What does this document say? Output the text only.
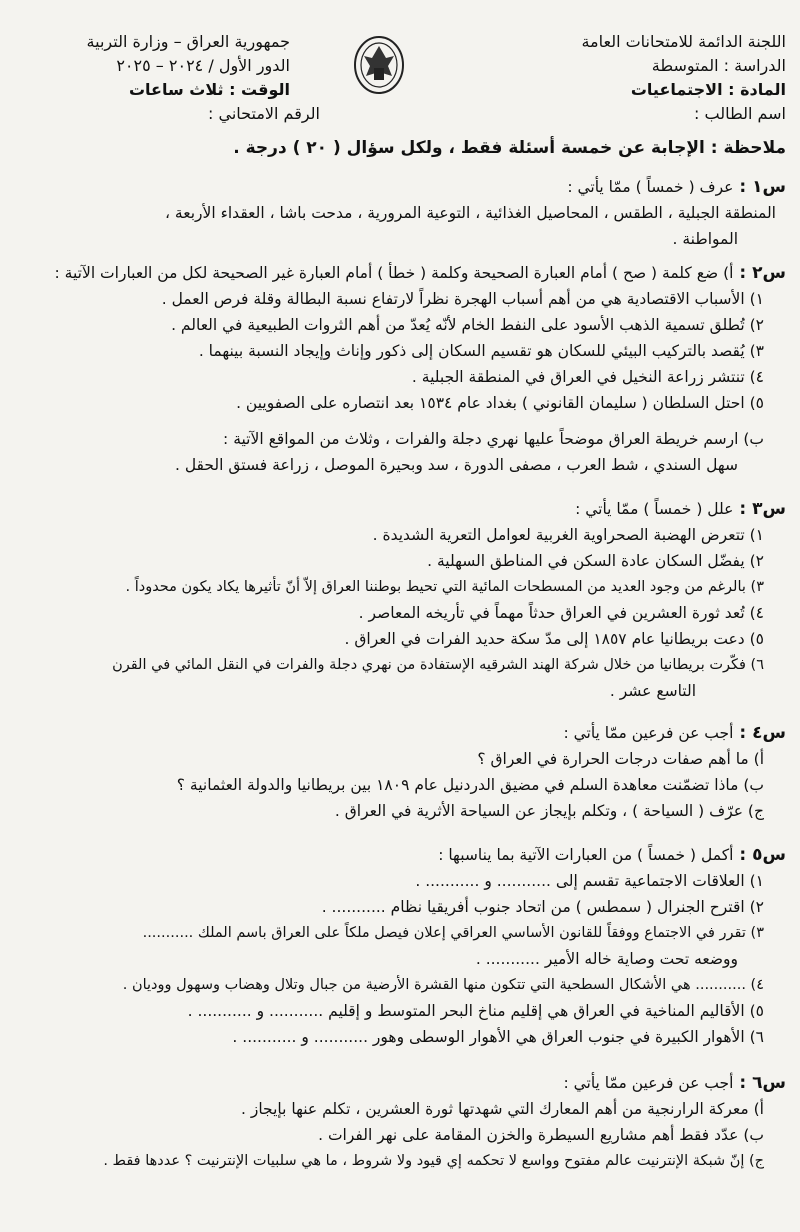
اللجنة الدائمة للامتحانات العامة
الدراسة : المتوسطة
المادة : الاجتماعيات
اسم الطالب :
جمهورية العراق – وزارة التربية
الدور الأول / ٢٠٢٤ – ٢٠٢٥
الوقت : ثلاث ساعات
الرقم الامتحاني :
ملاحظة : الإجابة عن خمسة أسئلة فقط ، ولكل سؤال ( ٢٠ ) درجة .
س١ :عرف ( خمساً ) ممّا يأتي :
المنطقة الجبلية ، الطقس ، المحاصيل الغذائية ، التوعية المرورية ، مدحت باشا ، العقداء الأربعة ،
المواطنة .
س٢ :أ) ضع كلمة ( صح ) أمام العبارة الصحيحة وكلمة ( خطأ ) أمام العبارة غير الصحيحة لكل من العبارات الآتية :
١) الأسباب الاقتصادية هي من أهم أسباب الهجرة نظراً لارتفاع نسبة البطالة وقلة فرص العمل .
٢) تُطلق تسمية الذهب الأسود على النفط الخام لأنّه يُعدّ من أهم الثروات الطبيعية في العالم .
٣) يُقصد بالتركيب البيئي للسكان هو تقسيم السكان إلى ذكور وإناث وإيجاد النسبة بينهما .
٤) تنتشر زراعة النخيل في العراق في المنطقة الجبلية .
٥) احتل السلطان ( سليمان القانوني ) بغداد عام ١٥٣٤ بعد انتصاره على الصفويين .
ب) ارسم خريطة العراق موضحاً عليها نهري دجلة والفرات ، وثلاث من المواقع الآتية :
سهل السندي ، شط العرب ، مصفى الدورة ، سد وبحيرة الموصل ، زراعة فستق الحقل .
س٣ :علل ( خمساً ) ممّا يأتي :
١) تتعرض الهضبة الصحراوية الغربية لعوامل التعرية الشديدة .
٢) يفضّل السكان عادة السكن في المناطق السهلية .
٣) بالرغم من وجود العديد من المسطحات المائية التي تحيط بوطننا العراق إلاّ أنّ تأثيرها يكاد يكون محدوداً .
٤) تُعد ثورة العشرين في العراق حدثاً مهماً في تأريخه المعاصر .
٥) دعت بريطانيا عام ١٨٥٧ إلى مدّ سكة حديد الفرات في العراق .
٦) فكّرت بريطانيا من خلال شركة الهند الشرقيه الإستفادة من نهري دجلة والفرات في النقل المائي في القرن
التاسع عشر .
س٤ :أجب عن فرعين ممّا يأتي :
أ) ما أهم صفات درجات الحرارة في العراق ؟
ب) ماذا تضمّنت معاهدة السلم في مضيق الدردنيل عام ١٨٠٩ بين بريطانيا والدولة العثمانية ؟
ج) عرّف ( السياحة ) ، وتكلم بإيجاز عن السياحة الأثرية في العراق .
س٥ :أكمل ( خمساً ) من العبارات الآتية بما يناسبها :
١) العلاقات الاجتماعية تقسم إلى ........... و ........... .
٢) اقترح الجنرال ( سمطس ) من اتحاد جنوب أفريقيا نظام ........... .
٣) تقرر في الاجتماع ووفقاً للقانون الأساسي العراقي إعلان فيصل ملكاً على العراق باسم الملك ...........
ووضعه تحت وصاية خاله الأمير ........... .
٤) ........... هي الأشكال السطحية التي تتكون منها القشرة الأرضية من جبال وتلال وهضاب وسهول ووديان .
٥) الأقاليم المناخية في العراق هي إقليم مناخ البحر المتوسط و إقليم ........... و ........... .
٦) الأهوار الكبيرة في جنوب العراق هي الأهوار الوسطى وهور ........... و ........... .
س٦ :أجب عن فرعين ممّا يأتي :
أ) معركة الرارنجية من أهم المعارك التي شهدتها ثورة العشرين ، تكلم عنها بإيجاز .
ب) عدّد فقط أهم مشاريع السيطرة والخزن المقامة على نهر الفرات .
ج) إنّ شبكة الإنترنيت عالم مفتوح وواسع لا تحكمه إي قيود ولا شروط ، ما هي سلبيات الإنترنيت ؟ عددها فقط .
